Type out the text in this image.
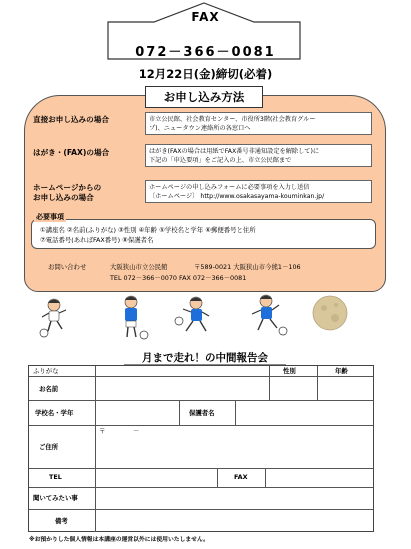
FAX
072－366－0081
12月22日(金)締切(必着)
お申し込み方法
直接お申し込みの場合	市立公民館、社会教育センター、市役所3階(社会教育グルー
プ)、ニュータウン連絡所の各窓口へ
はがき・(FAX)の場合	はがき(FAXの場合は用紙でFAX番号非通知設定を解除して)に
下記の「申込要項」をご記入の上、市立公民館まで
ホームページからの
お申し込みの場合
ホームページの申し込みフォームに必要事項を入力し送信
〔ホームページ〕 http://www.osakasayama-kouminkan.jp/
①講座名 ②名前(ふりがな) ③性別 ④年齢 ⑤学校名と学年 ⑥郵便番号と住所
⑦電話番号(あればFAX番号) ⑧保護者名
必要事項
お問い合わせ	大阪狭山市立公民館	〒589-0021 大阪狭山市今熊1－106
TEL 072－366－0070 FAX 072－366－0081
月まで走れ！の中間報告会
ふりがな	性別	年齢
お名前
学校名・学年	保護者名
ご住所
〒	－
TEL	FAX
聞いてみたい事
備考
※お預かりした個人情報は本講座の運営以外には使用いたしません。
